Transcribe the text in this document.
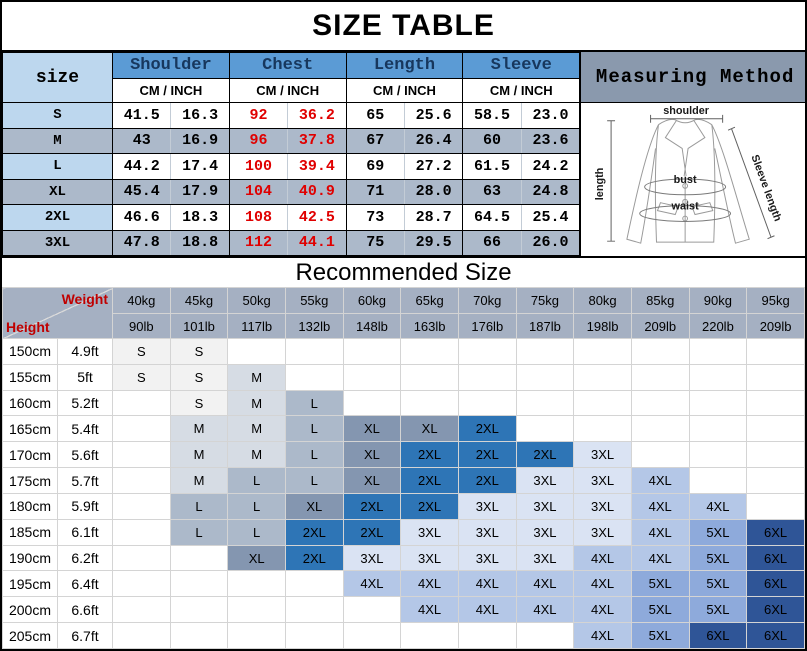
SIZE TABLE
size	Shoulder		Chest		Length		Sleeve	
	CM / INCH		CM / INCH		CM / INCH		CM / INCH	
S	41.5	16.3	92	36.2	65	25.6	58.5	23.0
M	43	16.9	96	37.8	67	26.4	60	23.6
L	44.2	17.4	100	39.4	69	27.2	61.5	24.2
XL	45.4	17.9	104	40.9	71	28.0	63	24.8
2XL	46.6	18.3	108	42.5	73	28.7	64.5	25.4
3XL	47.8	18.8	112	44.1	75	29.5	66	26.0
Measuring Method
shoulder
length	bust
waist	Sleeve length
Recommended Size
Weight
Height		40kg	45kg	50kg	55kg	60kg	65kg	70kg	75kg	80kg	85kg	90kg	95kg
		90lb	101lb	117lb	132lb	148lb	163lb	176lb	187lb	198lb	209lb	220lb	209lb
150cm	4.9ft	S	S										
155cm	5ft	S	S	M									
160cm	5.2ft		S	M	L								
165cm	5.4ft		M	M	L	XL	XL	2XL					
170cm	5.6ft		M	M	L	XL	2XL	2XL	2XL	3XL			
175cm	5.7ft		M	L	L	XL	2XL	2XL	3XL	3XL	4XL		
180cm	5.9ft		L	L	XL	2XL	2XL	3XL	3XL	3XL	4XL	4XL	
185cm	6.1ft		L	L	2XL	2XL	3XL	3XL	3XL	3XL	4XL	5XL	6XL
190cm	6.2ft			XL	2XL	3XL	3XL	3XL	3XL	4XL	4XL	5XL	6XL
195cm	6.4ft					4XL	4XL	4XL	4XL	4XL	5XL	5XL	6XL
200cm	6.6ft						4XL	4XL	4XL	4XL	5XL	5XL	6XL
205cm	6.7ft									4XL	5XL	6XL	6XL
